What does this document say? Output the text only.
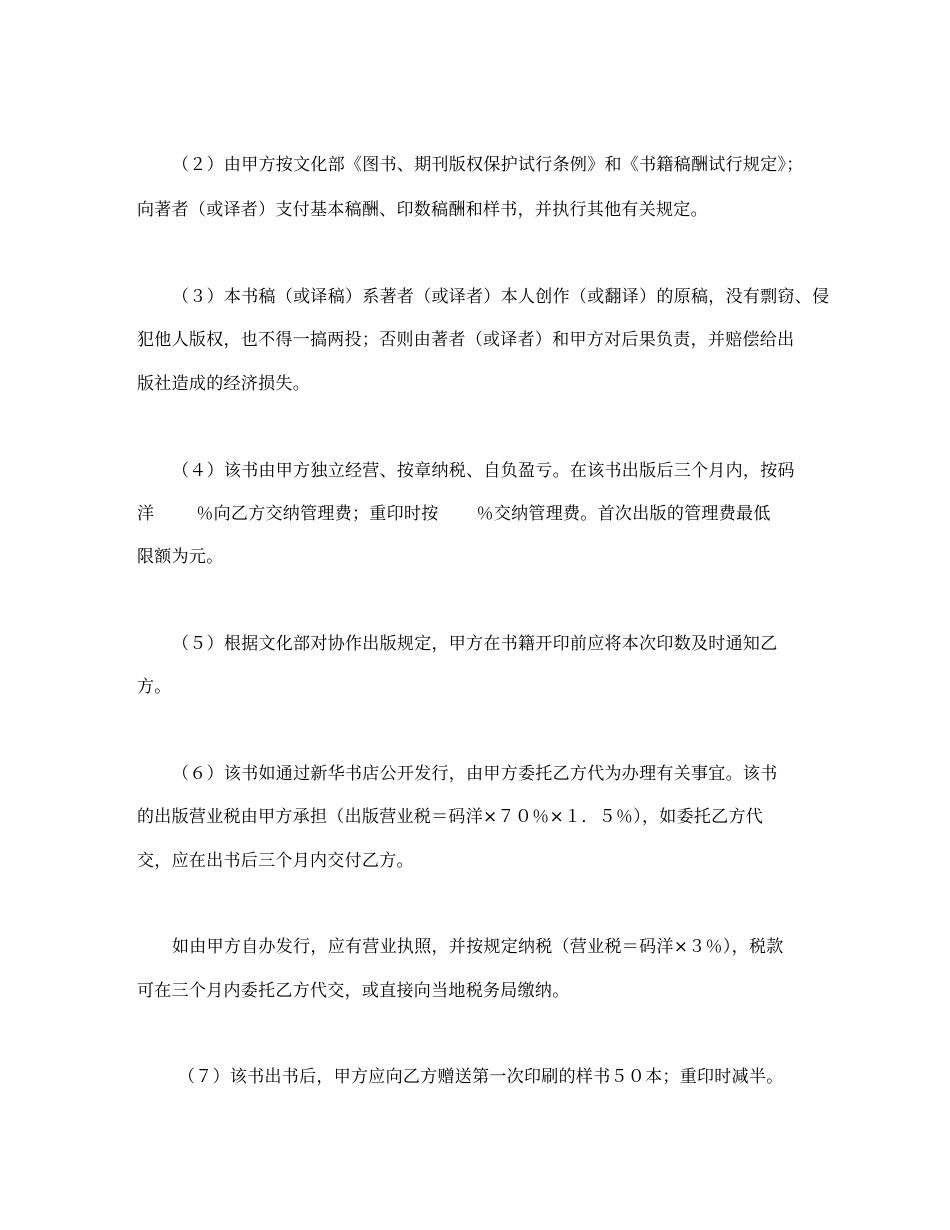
（２）由甲方按文化部《图书、期刊版权保护试行条例》和《书籍稿酬试行规定》；
向著者（或译者）支付基本稿酬、印数稿酬和样书，并执行其他有关规定。
（３）本书稿（或译稿）系著者（或译者）本人创作（或翻译）的原稿，没有剽窃、侵
犯他人版权，也不得一搞两投；否则由著者（或译者）和甲方对后果负责，并赔偿给出
版社造成的经济损失。
（４）该书由甲方独立经营、按章纳税、自负盈亏。在该书出版后三个月内，按码
洋 ％向乙方交纳管理费；重印时按 ％交纳管理费。首次出版的管理费最低
限额为元。
（５）根据文化部对协作出版规定，甲方在书籍开印前应将本次印数及时通知乙
方。
（６）该书如通过新华书店公开发行，由甲方委托乙方代为办理有关事宜。该书
的出版营业税由甲方承担（出版营业税＝码洋×７０％×１．５％），如委托乙方代
交，应在出书后三个月内交付乙方。
如由甲方自办发行，应有营业执照，并按规定纳税（营业税＝码洋×３％），税款
可在三个月内委托乙方代交，或直接向当地税务局缴纳。
（７）该书出书后，甲方应向乙方赠送第一次印刷的样书５０本；重印时减半。
